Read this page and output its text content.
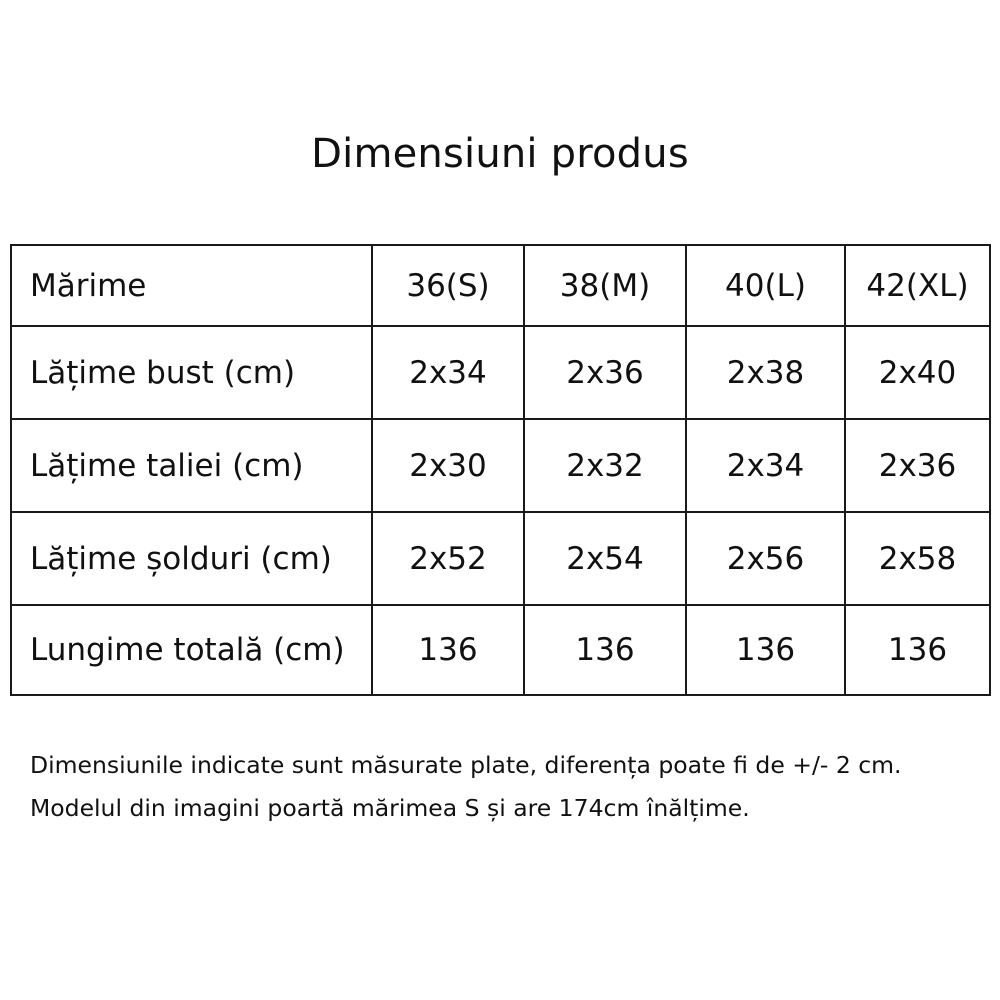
Dimensiuni produs
Mărime	36(S)	38(M)	40(L)	42(XL)
Lățime bust (cm)	2x34	2x36	2x38	2x40
Lățime taliei (cm)	2x30	2x32	2x34	2x36
Lățime șolduri (cm)	2x52	2x54	2x56	2x58
Lungime totală (cm)	136	136	136	136
Dimensiunile indicate sunt măsurate plate, diferența poate fi de +/- 2 cm.
Modelul din imagini poartă mărimea S și are 174cm înălțime.
